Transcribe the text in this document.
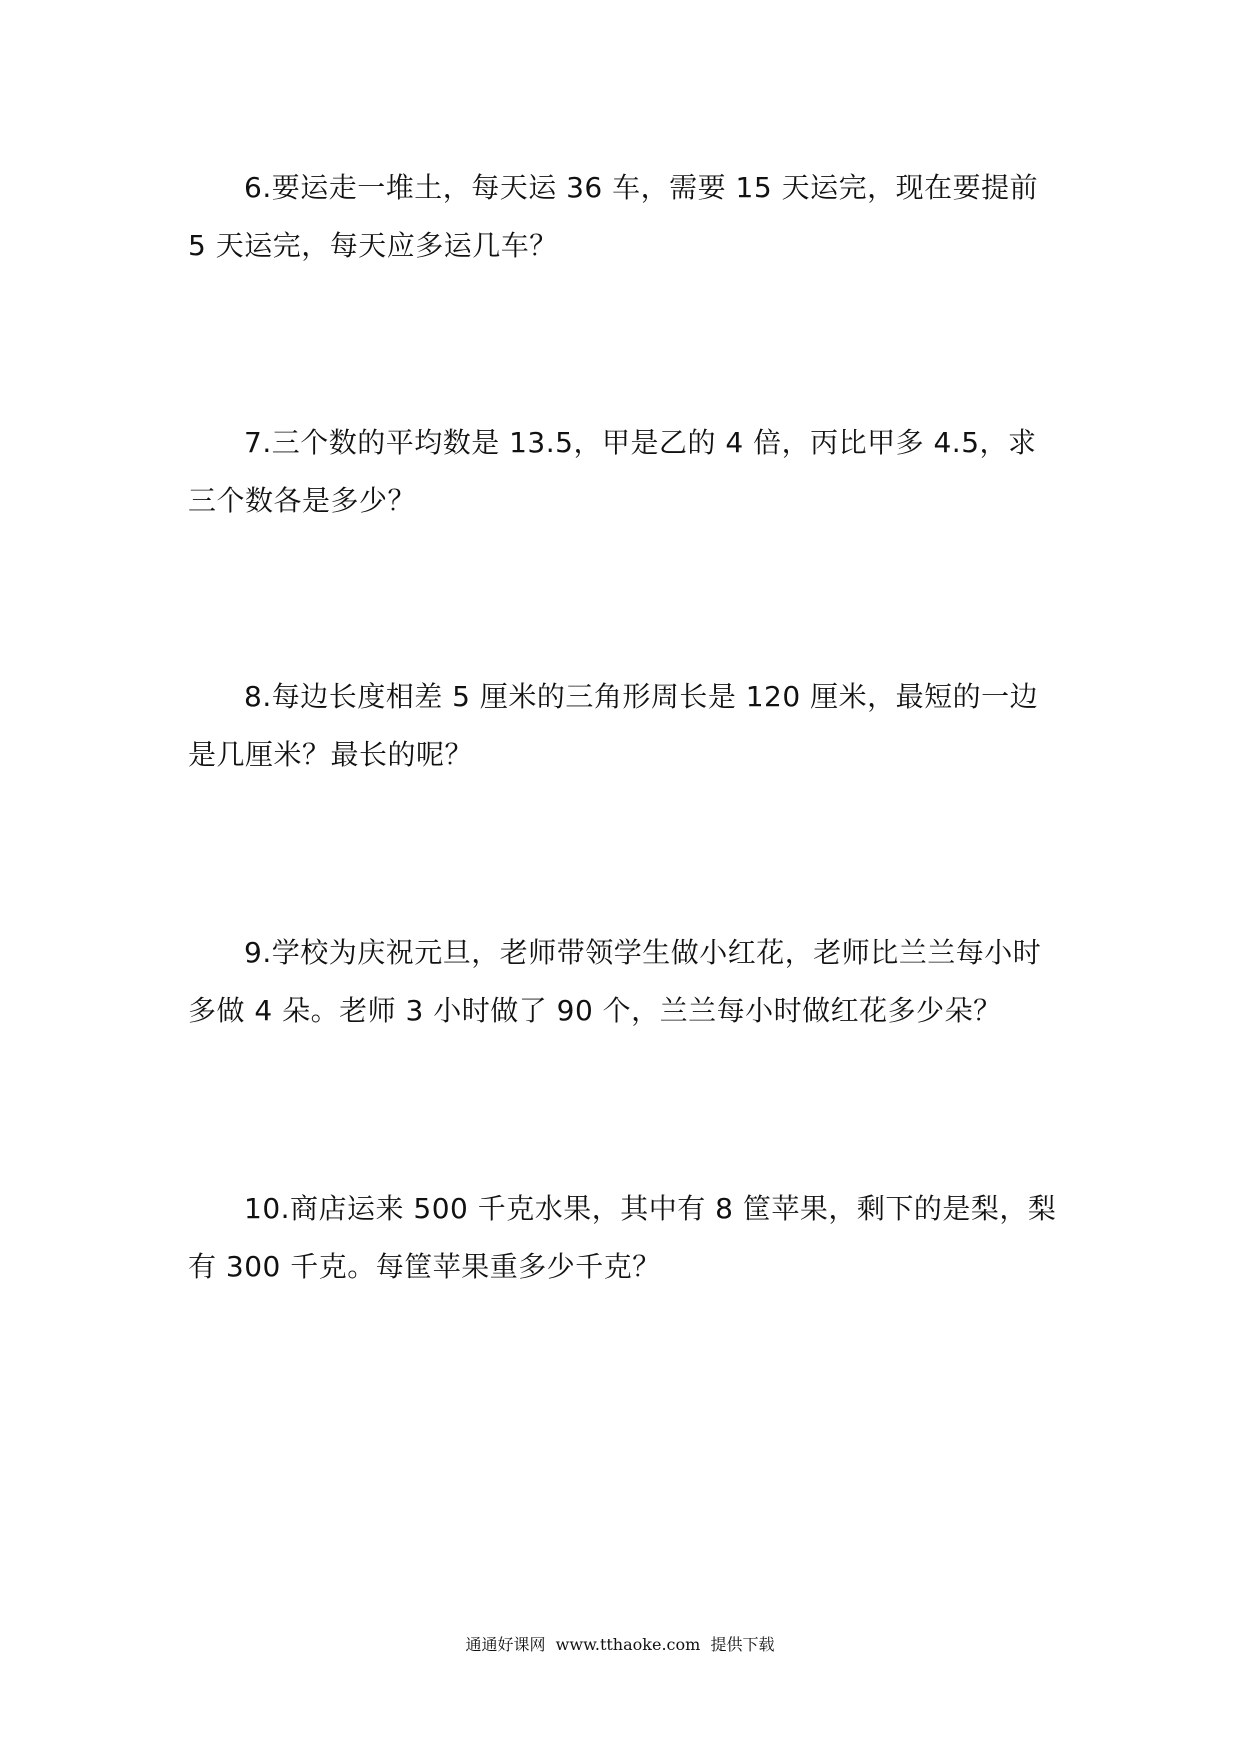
6.要运走一堆土，每天运 36 车，需要 15 天运完，现在要提前 5 天运完，每天应多运几车？

7.三个数的平均数是 13.5，甲是乙的 4 倍，丙比甲多 4.5，求三个数各是多少？

8.每边长度相差 5 厘米的三角形周长是 120 厘米，最短的一边是几厘米？最长的呢？

9.学校为庆祝元旦，老师带领学生做小红花，老师比兰兰每小时多做 4 朵。老师 3 小时做了 90 个，兰兰每小时做红花多少朵？

10.商店运来 500 千克水果，其中有 8 筐苹果，剩下的是梨，梨有 300 千克。每筐苹果重多少千克？

通通好课网  www.tthaoke.com  提供下载
